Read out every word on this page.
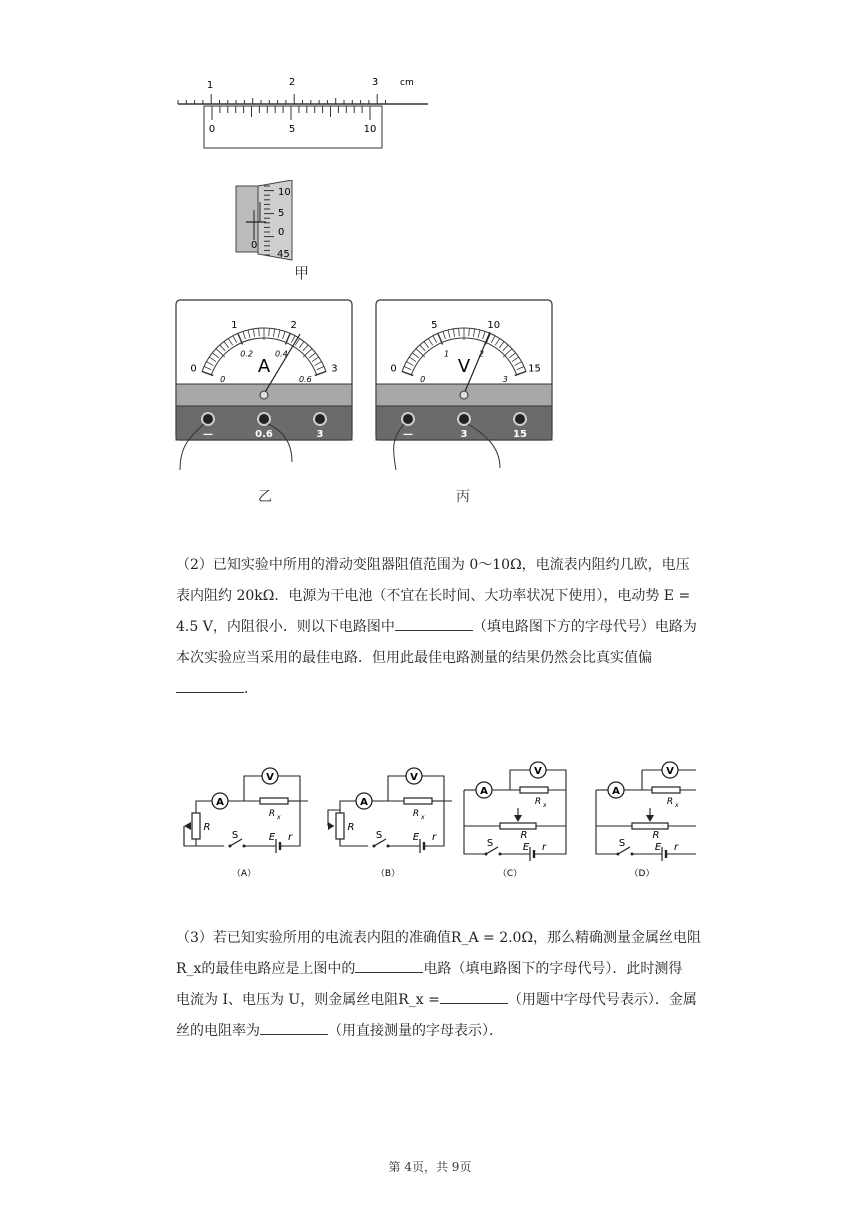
1	2	3 cm
0	5	10
10
5
0
45
0
甲
0
1	2
3
0
0.2	0.4
0.6
A
—	0.6	3
乙
0
5	10
15
0
1	2
3
V
—	3	15
丙
（2）已知实验中所用的滑动变阻器阻值范围为 0～10Ω，电流表内阻约几欧，电压
表内阻约 20kΩ．电源为干电池（不宜在长时间、大功率状况下使用），电动势 E =
4.5 V，内阻很小．则以下电路图中	（填电路图下方的字母代号）电路为
本次实验应当采用的最佳电路．但用此最佳电路测量的结果仍然会比真实值偏
．
V
A
R x
R
S	E r
（A）
V
A
R x
R
S	E r
（B）
V
A
R x
R
S	E r
（C）
V
A
R x
R
S	E r
（D）
（3）若已知实验所用的电流表内阻的准确值R_A = 2.0Ω，那么精确测量金属丝电阻
R_x的最佳电路应是上图中的	电路（填电路图下的字母代号）．此时测得
电流为 I、电压为 U，则金属丝电阻R_x =	（用题中字母代号表示）．金属
丝的电阻率为	（用直接测量的字母表示）．
第 4页，共 9页
